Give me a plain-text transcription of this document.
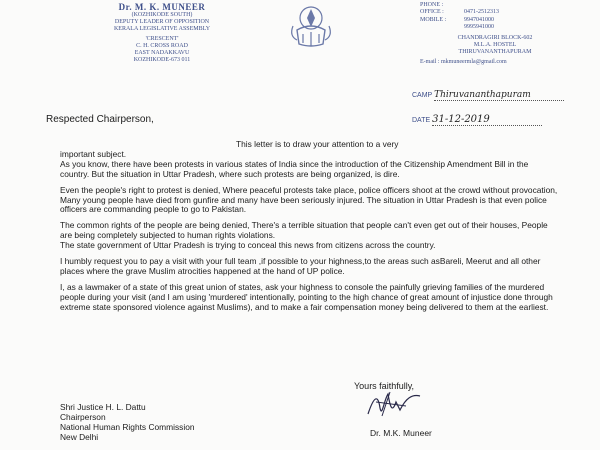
Dr. M. K. MUNEER
(KOZHIKODE SOUTH)
DEPUTY LEADER OF OPPOSITION
KERALA LEGISLATIVE ASSEMBLY
'CRESCENT'
C. H. CROSS ROAD
EAST NADAKKAVU
KOZHIKODE-673 011
PHONE :
OFFICE :	0471-2512313
MOBILE :	9947041000
9995941000
CHANDRAGIRI BLOCK-602
M.L.A. HOSTEL
THIRUVANANTHAPURAM
E-mail : mkmuneermla@gmail.com
CAMP Thiruvananthapuram
DATE 31-12-2019
Respected Chairperson,

This letter is to draw your attention to a very
important subject.
As you know, there have been protests in various states of India since the introduction of the Citizenship Amendment Bill in the country. But the situation in Uttar Pradesh, where such protests are being organized, is dire.

Even the people's right to protest is denied, Where peaceful protests take place, police officers shoot at the crowd without provocation, Many young people have died from gunfire and many have been seriously injured. The situation in Uttar Pradesh is that even police officers are commanding people to go to Pakistan.

The common rights of the people are being denied, There's a terrible situation that people can't even get out of their houses, People are being completely subjected to human rights violations.
The state government of Uttar Pradesh is trying to conceal this news from citizens across the country.

I humbly request you to pay a visit with your full team ,if possible to your highness,to the areas such asBareli, Meerut and all other places where the grave Muslim atrocities happened at the hand of UP police.

I, as a lawmaker of a state of this great union of states, ask your highness to console the painfully grieving families of the murdered people during your visit (and I am using 'murdered' intentionally, pointing to the high chance of great amount of injustice done through extreme state sponsored violence against Muslims), and to make a fair compensation money being delivered to them at the earliest.

Yours faithfully,
Dr. M.K. Muneer
Shri Justice H. L. Dattu
Chairperson
National Human Rights Commission
New Delhi
